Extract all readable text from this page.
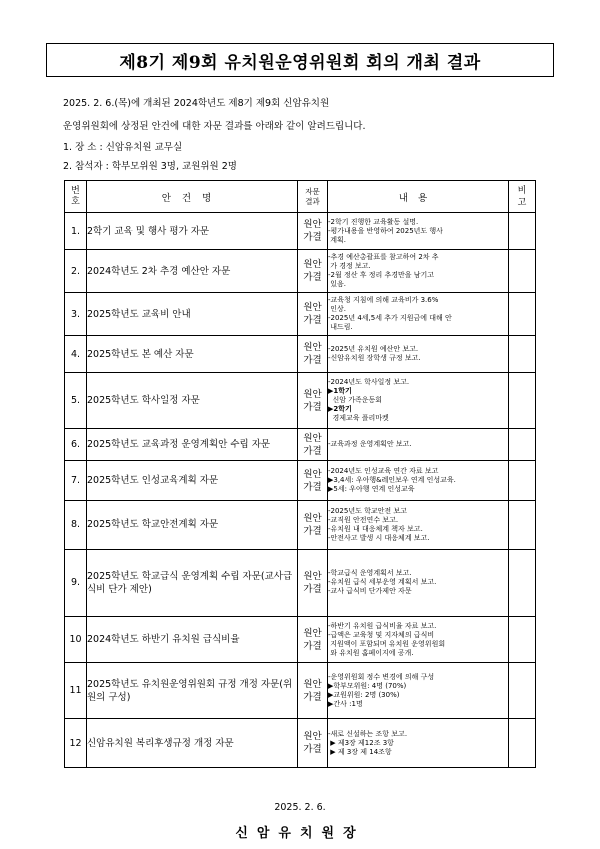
제8기 제9회 유치원운영위원회 회의 개최 결과
2025. 2. 6.(목)에 개최된 2024학년도 제8기 제9회 신암유치원
운영위원회에 상정된 안건에 대한 자문 결과를 아래와 같이 알려드립니다.
1. 장 소 : 신암유치원 교무실
2. 참석자 : 학부모위원 3명, 교원위원 2명
번호	안건명	자문결과	내용	비고

1.	2학기 교육 및 행사 평가 자문	원안가결	-2학기 진행한 교육활동 설명.
-평가내용을 반영하여 2025년도 행사
계획.	

2.	2024학년도 2차 추경 예산안 자문	원안가결	-추경 예산총괄표를 참고하여 2차 추
가 경정 보고.
-2월 정산 후 정리 추경만을 남기고
있음.	

3.	2025학년도 교육비 안내	원안가결	-교육청 지침에 의해 교육비가 3.6%
인상.
-2025년 4세,5세 추가 지원금에 대해 안
내드림.	

4.	2025학년도 본 예산 자문	원안가결	-2025년 유치원 예산안 보고.
-신암유치원 장학생 규정 보고.	

5.	2025학년도 학사일정 자문	원안가결	-2024년도 학사일정 보고.
▶1학기
신암 가족운동회
▶2학기
경제교육 플리마켓	

6.	2025학년도 교육과정 운영계획안 수립 자문	원안가결	-교육과정 운영계획안 보고.	

7.	2025학년도 인성교육계획 자문	원안가결	-2024년도 인성교육 연간 자료 보고
▶3,4세: 우아행&레인보우 연계 인성교육.
▶5세: 우아행 연계 인성교육	

8.	2025학년도 학교안전계획 자문	원안가결	-2025년도 학교안전 보고
-교직원 안전연수 보고.
-유치원 내 대응체계 책자 보고.
-안전사고 발생 시 대응체계 보고.	

9.	2025학년도 학교급식 운영계획 수립 자문(교사급식비 단가 제안)	원안가결	-학교급식 운영계획서 보고.
-유치원 급식 세부운영 계획서 보고.
-교사 급식비 단가제안 자문	

10	2024학년도 하반기 유치원 급식비율	원안가결	-하반기 유치원 급식비율 자료 보고.
-급액은 교육청 및 지자체의 급식비
지원액이 포함되며 유치원 운영위원회
와 유치원 홈페이지에 공개.	

11	2025학년도 유치원운영위원회 규정 개정 자문(위원의 구성)	원안가결	-운영위원회 정수 변경에 의해 구성
▶학부모위원: 4명 (70%)
▶교원위원: 2명 (30%)
▶간사 :1명	

12	신암유치원 복리후생규정 개정 자문	원안가결	-새로 신설하는 조항 보고.
▶ 제3장 제12조 3항
▶ 제 3장 제 14조항	

2025. 2. 6.
신암유치원장
